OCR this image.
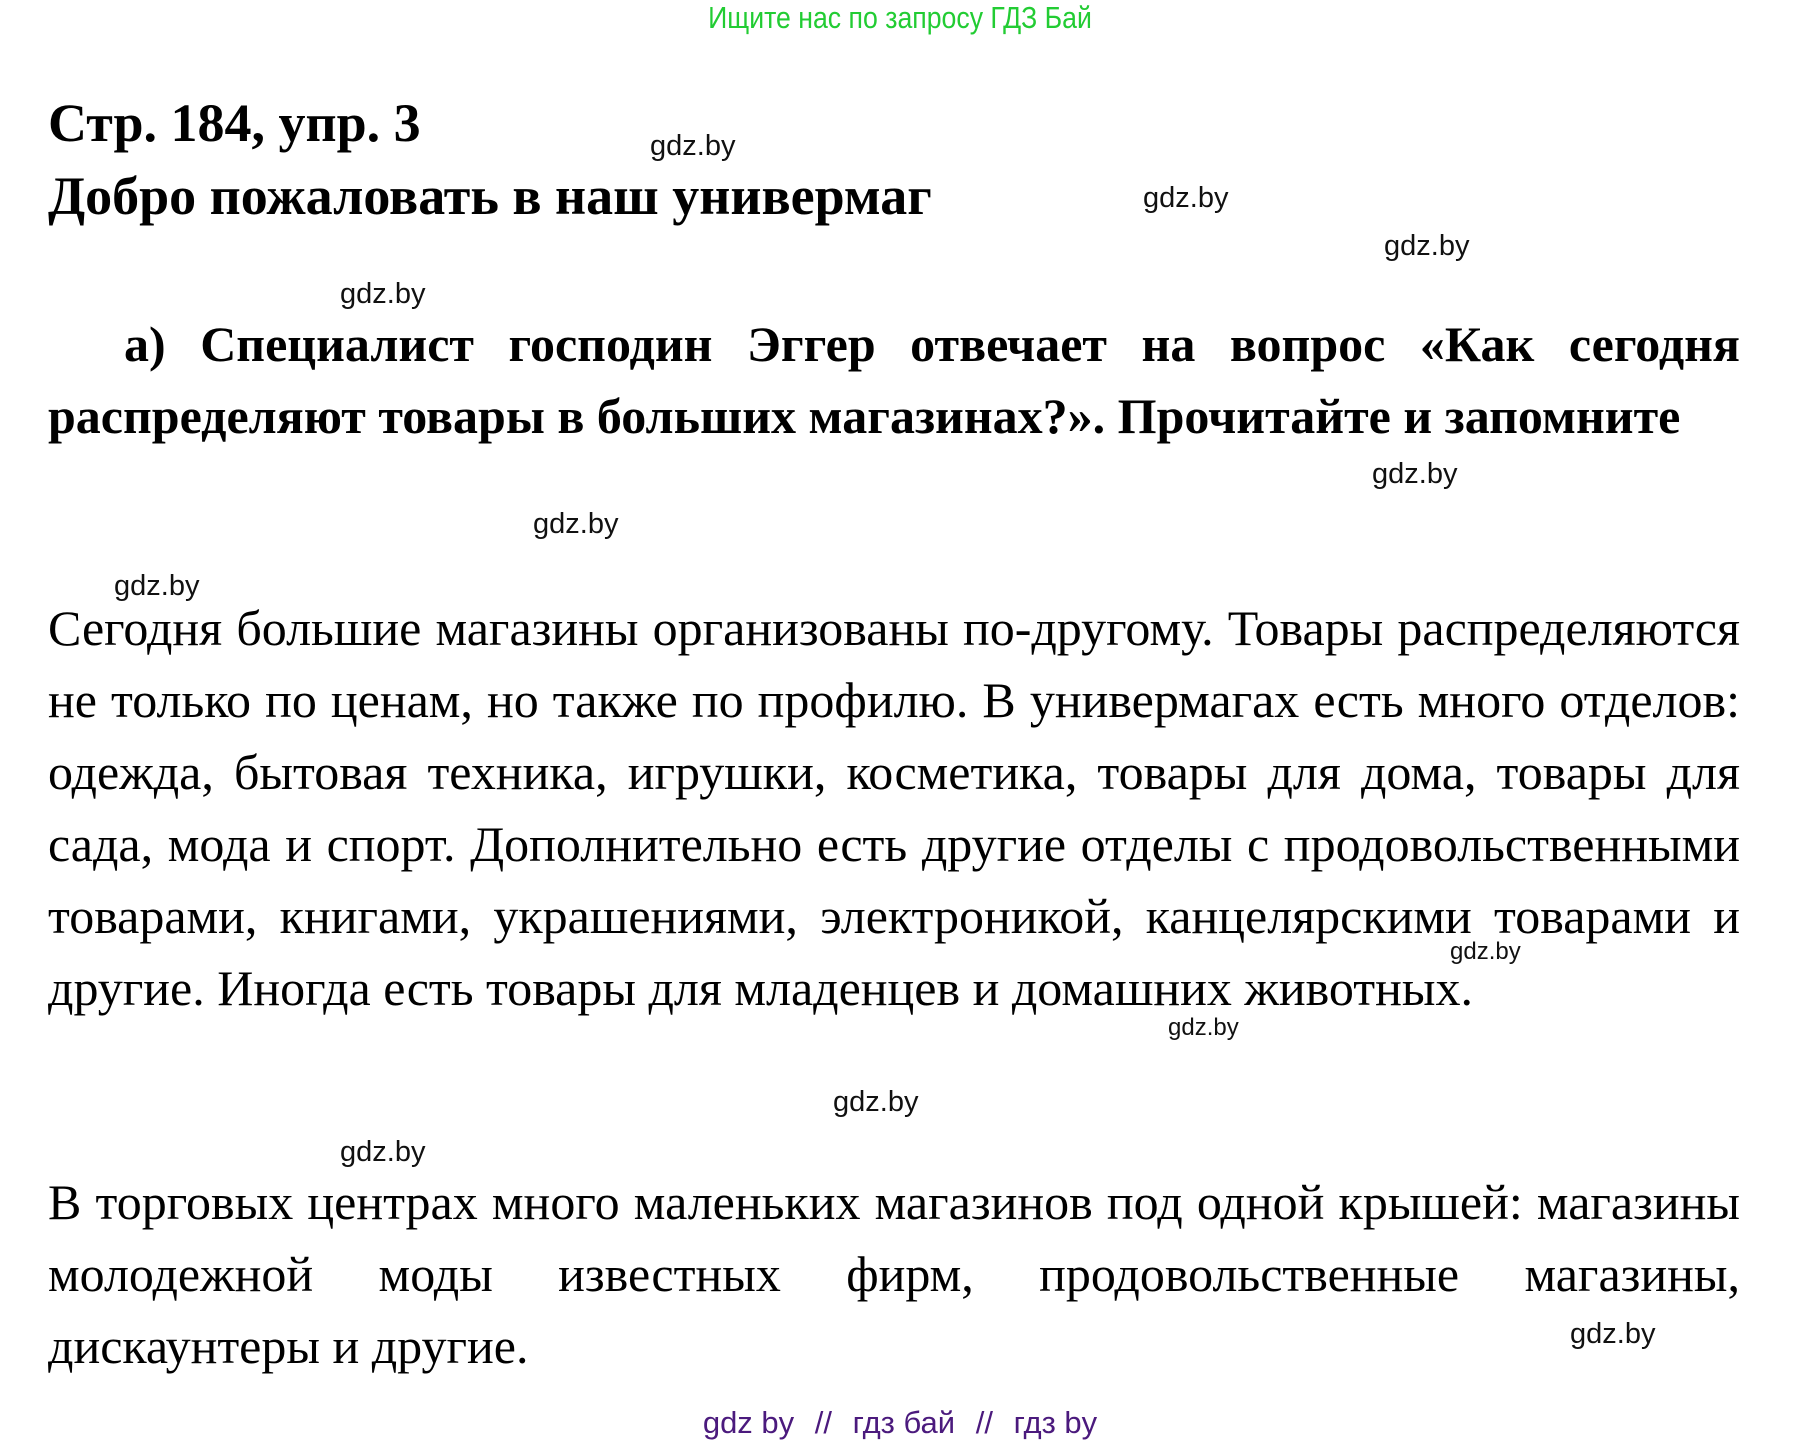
Ищите нас по запросу ГДЗ Бай
Стр. 184, упр. 3
Добро пожаловать в наш универмаг

а) Специалист господин Эггер отвечает на вопрос «Как сегодня распределяют товары в больших магазинах?». Прочитайте и запомните

Сегодня большие магазины организованы по-другому. Товары распределяются не только по ценам, но также по профилю. В универмагах есть много отделов: одежда, бытовая техника, игрушки, косметика, товары для дома, товары для сада, мода и спорт. Дополнительно есть другие отделы с продовольственными товарами, книгами, украшениями, электроникой, канцелярскими товарами и другие. Иногда есть товары для младенцев и домашних животных.

В торговых центрах много маленьких магазинов под одной крышей: магазины молодежной моды известных фирм, продовольственные магазины, дискаунтеры и другие.

gdz.by
gdz.by
gdz.by
gdz.by
gdz.by
gdz.by
gdz.by
gdz.by
gdz.by
gdz.by
gdz.by
gdz.by
gdz by // гдз бай // гдз by
